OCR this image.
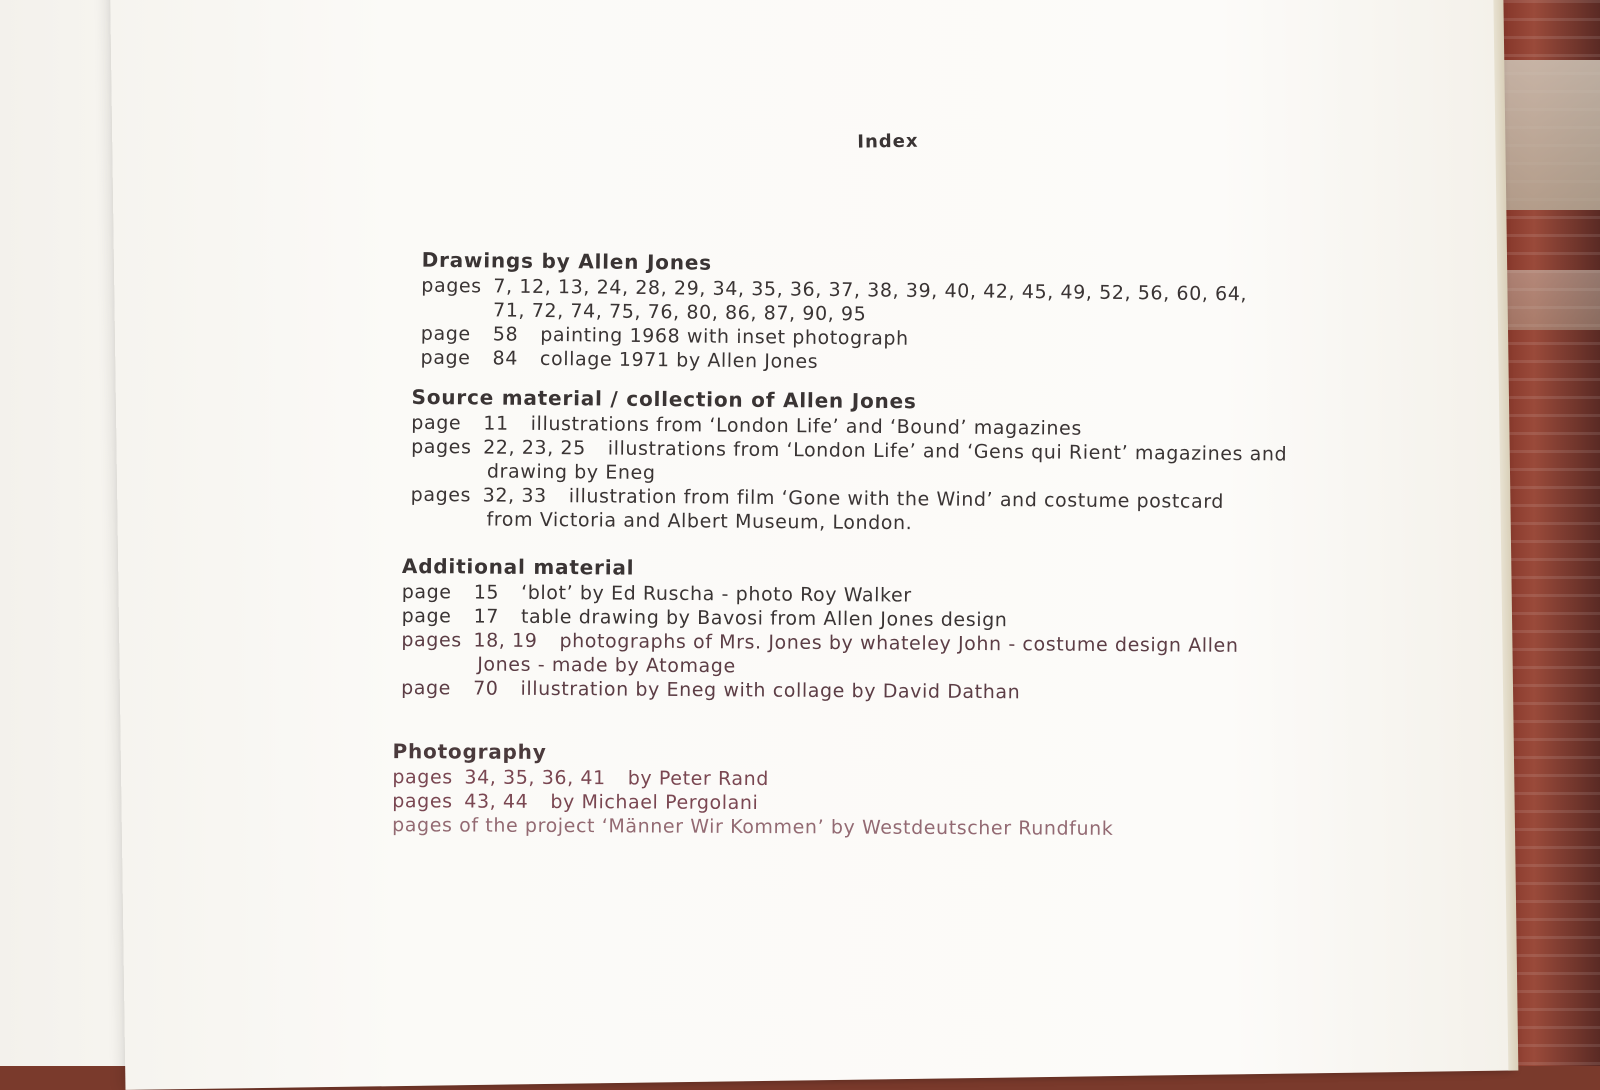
Index
Drawings by Allen Jones
pages 7, 12, 13, 24, 28, 29, 34, 35, 36, 37, 38, 39, 40, 42, 45, 49, 52, 56, 60, 64,
71, 72, 74, 75, 76, 80, 86, 87, 90, 95
page	58 painting 1968 with inset photograph
page	84 collage 1971 by Allen Jones
Source material / collection of Allen Jones
page	11 illustrations from ‘London Life’ and ‘Bound’ magazines
pages 22, 23, 25 illustrations from ‘London Life’ and ‘Gens qui Rient’ magazines and
drawing by Eneg
pages 32, 33 illustration from film ‘Gone with the Wind’ and costume postcard
from Victoria and Albert Museum, London.
Additional material
page	15 ‘blot’ by Ed Ruscha - photo Roy Walker
page	17 table drawing by Bavosi from Allen Jones design
pages 18, 19 photographs of Mrs. Jones by whateley John - costume design Allen
Jones - made by Atomage
page	70 illustration by Eneg with collage by David Dathan
Photography
pages 34, 35, 36, 41 by Peter Rand
pages 43, 44 by Michael Pergolani
pages of the project ‘Männer Wir Kommen’ by Westdeutscher Rundfunk
